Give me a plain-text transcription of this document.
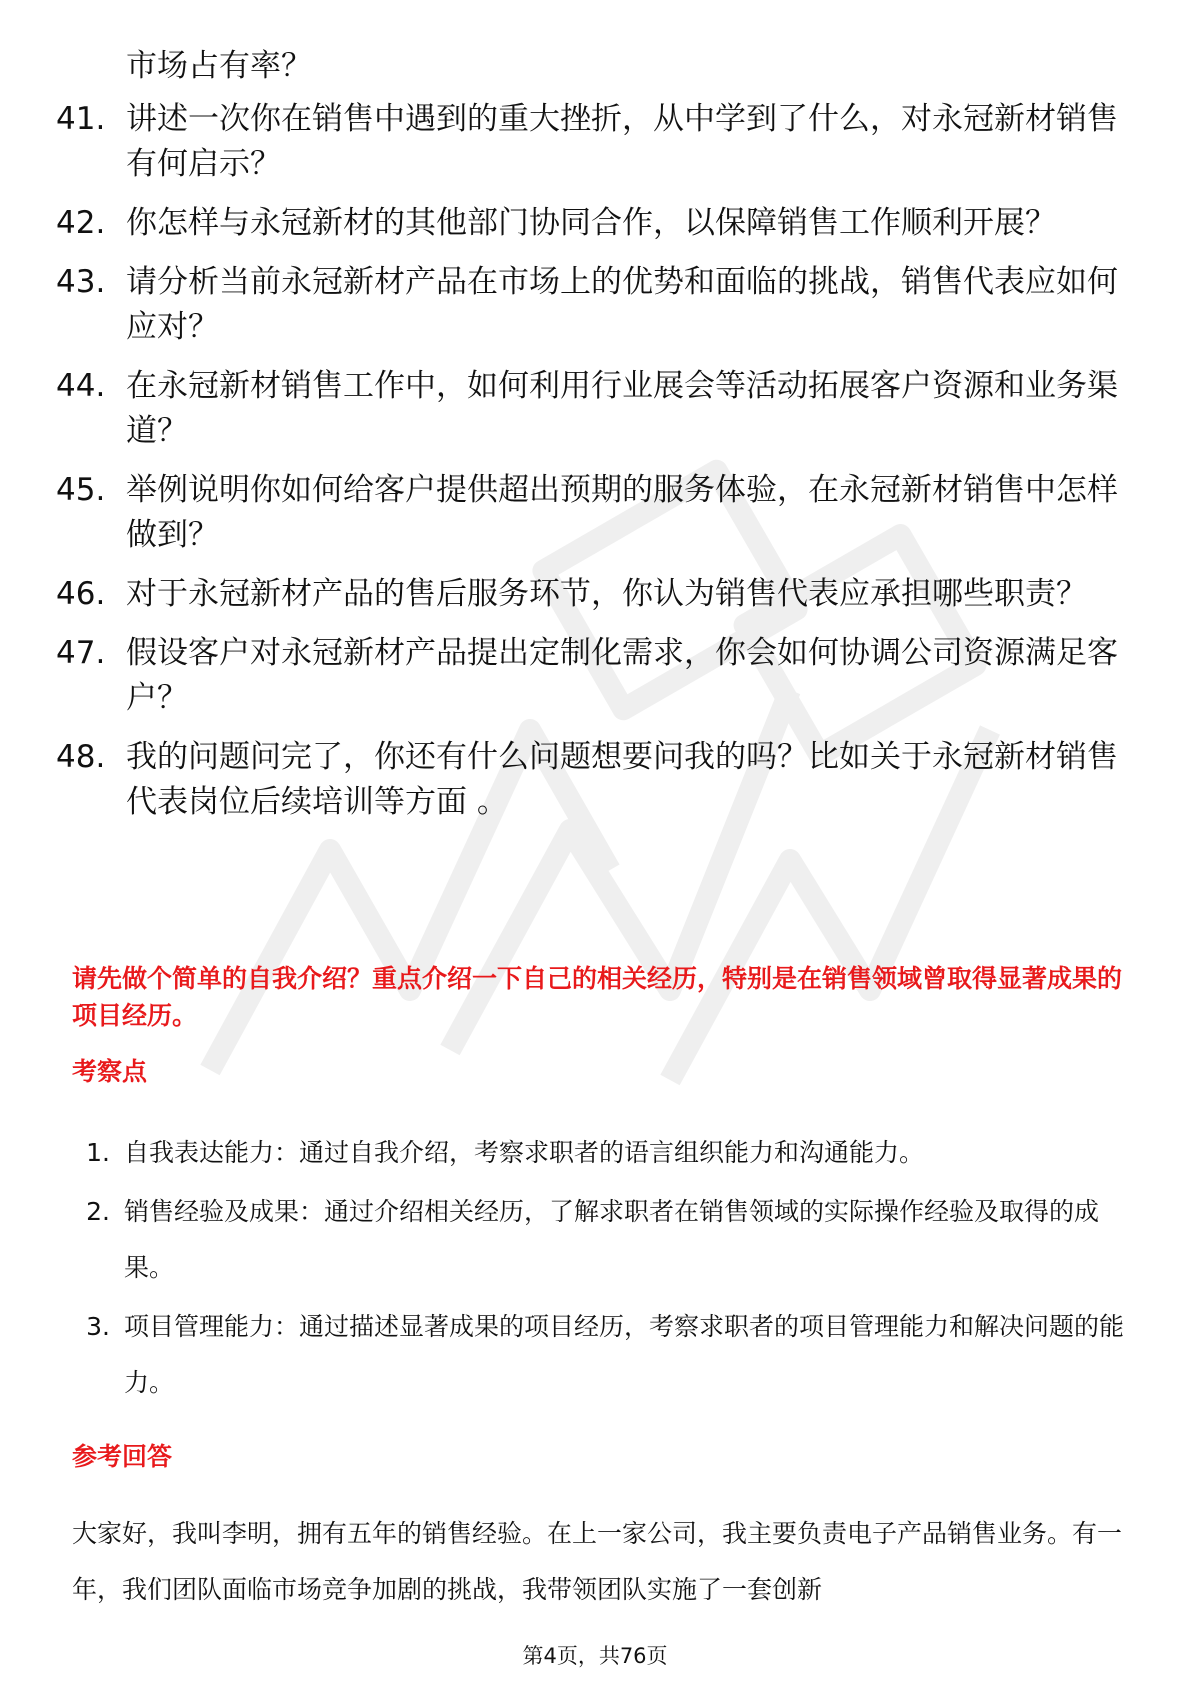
市场占有率？

41. 讲述一次你在销售中遇到的重大挫折，从中学到了什么，对永冠新材销售有何启示？
42. 你怎样与永冠新材的其他部门协同合作，以保障销售工作顺利开展？
43. 请分析当前永冠新材产品在市场上的优势和面临的挑战，销售代表应如何应对？
44. 在永冠新材销售工作中，如何利用行业展会等活动拓展客户资源和业务渠道？
45. 举例说明你如何给客户提供超出预期的服务体验，在永冠新材销售中怎样做到？
46. 对于永冠新材产品的售后服务环节，你认为销售代表应承担哪些职责？
47. 假设客户对永冠新材产品提出定制化需求，你会如何协调公司资源满足客户？
48. 我的问题问完了，你还有什么问题想要问我的吗？比如关于永冠新材销售代表岗位后续培训等方面 。

请先做个简单的自我介绍？重点介绍一下自己的相关经历，特别是在销售领域曾取得显著成果的项目经历。

考察点
1. 自我表达能力：通过自我介绍，考察求职者的语言组织能力和沟通能力。
2. 销售经验及成果：通过介绍相关经历，了解求职者在销售领域的实际操作经验及取得的成果。
3. 项目管理能力：通过描述显著成果的项目经历，考察求职者的项目管理能力和解决问题的能力。
参考回答

大家好，我叫李明，拥有五年的销售经验。在上一家公司，我主要负责电子产品销售业务。有一年，我们团队面临市场竞争加剧的挑战，我带领团队实施了一套创新

第4页，共76页
